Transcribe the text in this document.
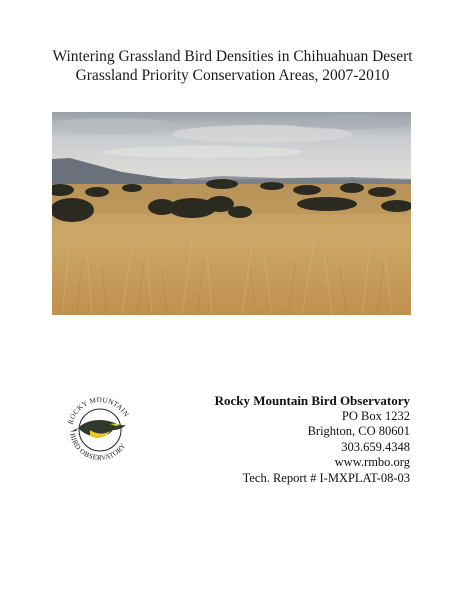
Wintering Grassland Bird Densities in Chihuahuan Desert
Grassland Priority Conservation Areas, 2007-2010
ROCKY MOUNTAIN
BIRD OBSERVATORY
Rocky Mountain Bird Observatory
PO Box 1232
Brighton, CO 80601
303.659.4348
www.rmbo.org
Tech. Report # I-MXPLAT-08-03
